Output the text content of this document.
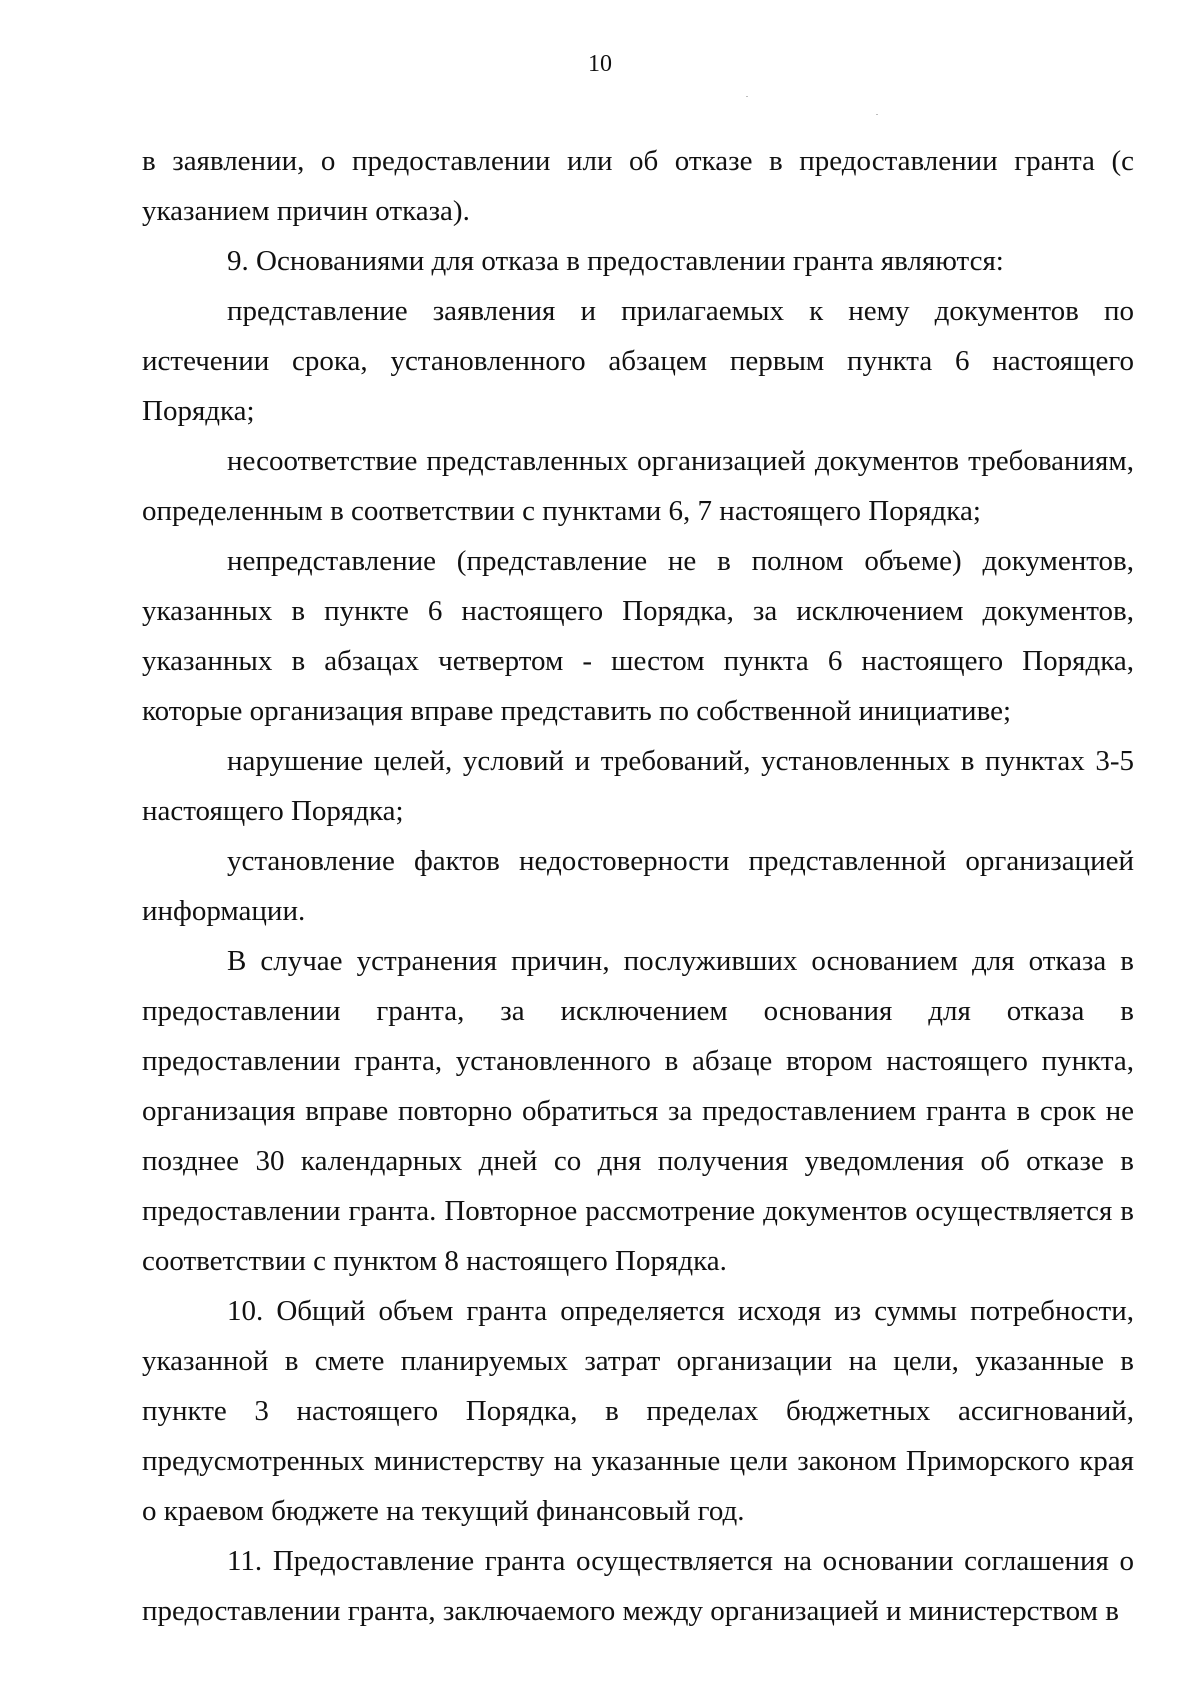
10

в заявлении, о предоставлении или об отказе в предоставлении гранта (с указанием причин отказа).

9. Основаниями для отказа в предоставлении гранта являются:

представление заявления и прилагаемых к нему документов по истечении срока, установленного абзацем первым пункта 6 настоящего Порядка;

несоответствие представленных организацией документов требованиям, определенным в соответствии с пунктами 6, 7 настоящего Порядка;

непредставление (представление не в полном объеме) документов, указанных в пункте 6 настоящего Порядка, за исключением документов, указанных в абзацах четвертом - шестом пункта 6 настоящего Порядка, которые организация вправе представить по собственной инициативе;

нарушение целей, условий и требований, установленных в пунктах 3-5 настоящего Порядка;

установление фактов недостоверности представленной организацией информации.

В случае устранения причин, послуживших основанием для отказа в предоставлении гранта, за исключением основания для отказа в предоставлении гранта, установленного в абзаце втором настоящего пункта, организация вправе повторно обратиться за предоставлением гранта в срок не позднее 30 календарных дней со дня получения уведомления об отказе в предоставлении гранта. Повторное рассмотрение документов осуществляется в соответствии с пунктом 8 настоящего Порядка.

10. Общий объем гранта определяется исходя из суммы потребности, указанной в смете планируемых затрат организации на цели, указанные в пункте 3 настоящего Порядка, в пределах бюджетных ассигнований, предусмотренных министерству на указанные цели законом Приморского края о краевом бюджете на текущий финансовый год.

11. Предоставление гранта осуществляется на основании соглашения о предоставлении гранта, заключаемого между организацией и министерством в
